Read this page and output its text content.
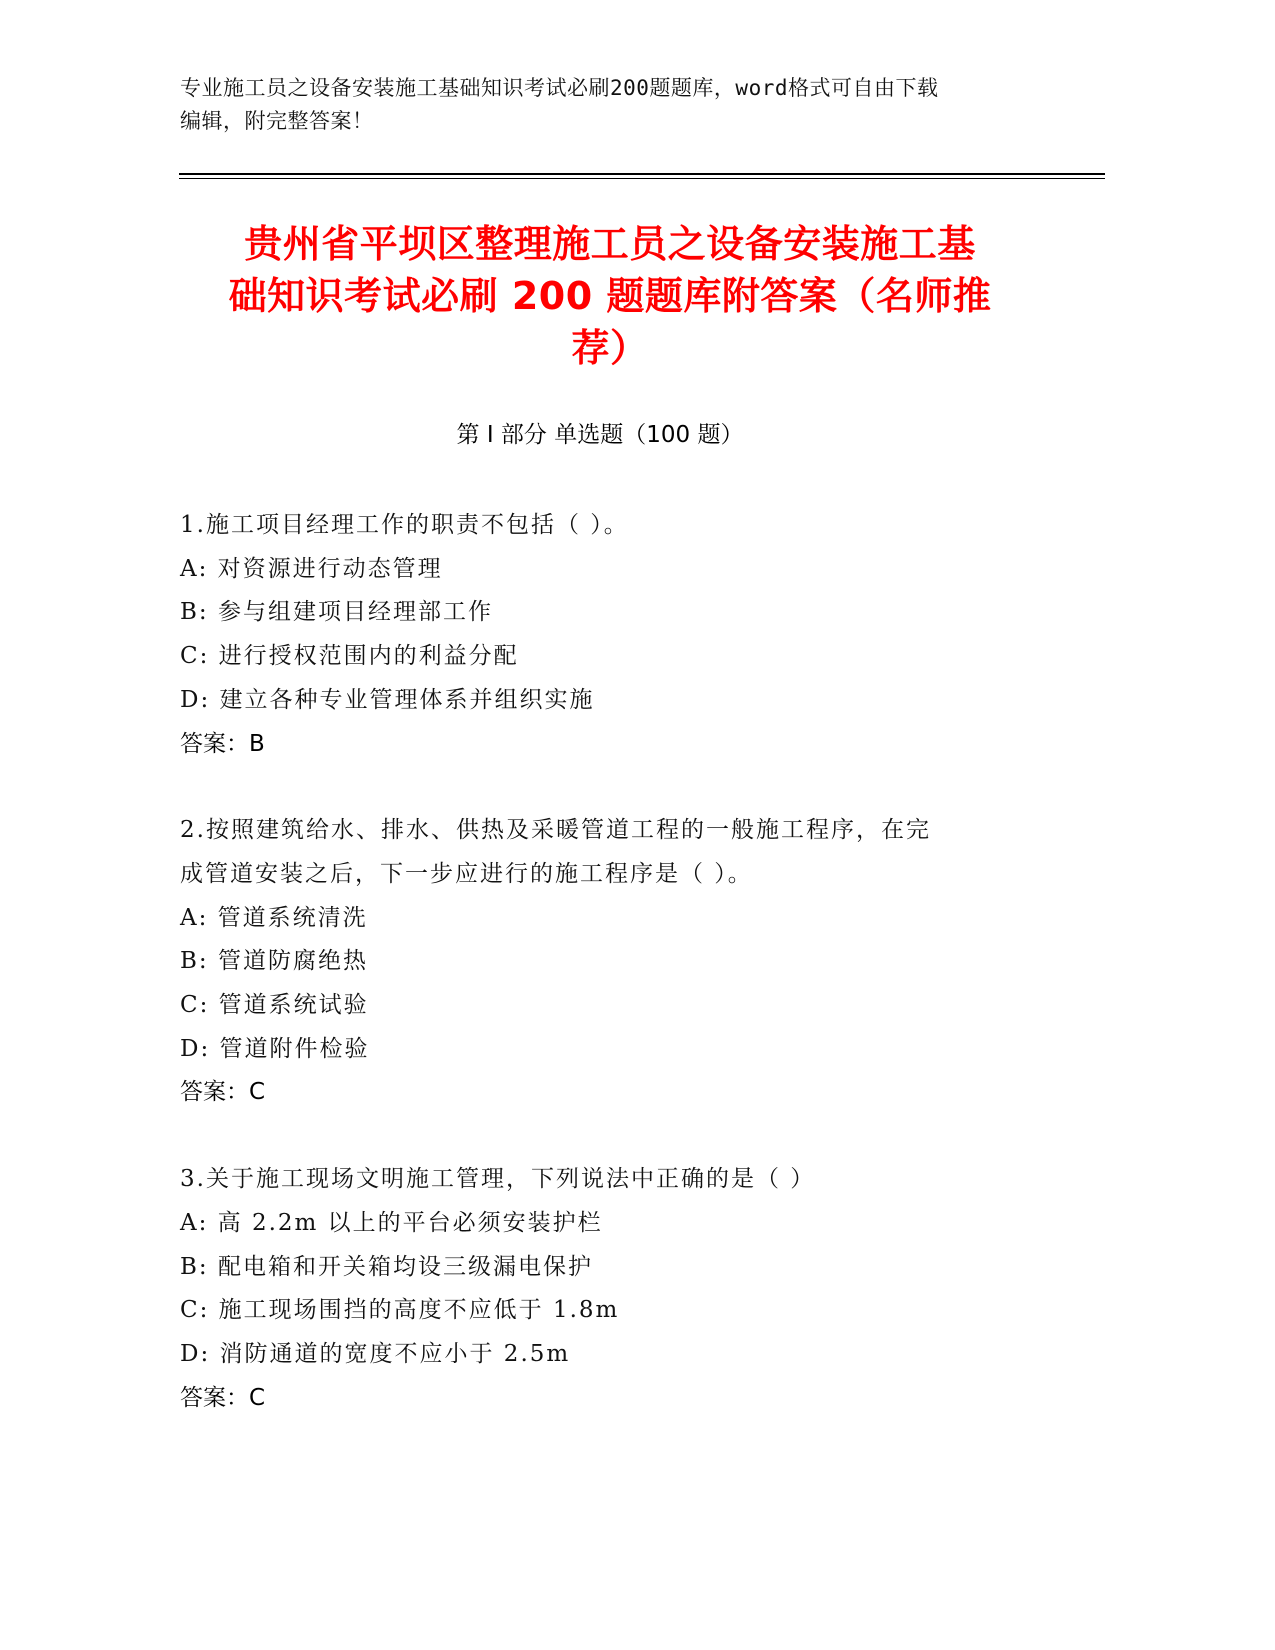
专业施工员之设备安装施工基础知识考试必刷200题题库，word格式可自由下载
编辑，附完整答案！
贵州省平坝区整理施工员之设备安装施工基
础知识考试必刷 200 题题库附答案（名师推
荐）
第 I 部分 单选题（100 题）
1.施工项目经理工作的职责不包括（ ）。
A: 对资源进行动态管理
B: 参与组建项目经理部工作
C: 进行授权范围内的利益分配
D: 建立各种专业管理体系并组织实施
答案：B
2.按照建筑给水、排水、供热及采暖管道工程的一般施工程序，在完
成管道安装之后，下一步应进行的施工程序是（ ）。
A: 管道系统清洗
B: 管道防腐绝热
C: 管道系统试验
D: 管道附件检验
答案：C
3.关于施工现场文明施工管理，下列说法中正确的是（ ）
A: 高 2.2m 以上的平台必须安装护栏
B: 配电箱和开关箱均设三级漏电保护
C: 施工现场围挡的高度不应低于 1.8m
D: 消防通道的宽度不应小于 2.5m
答案：C
